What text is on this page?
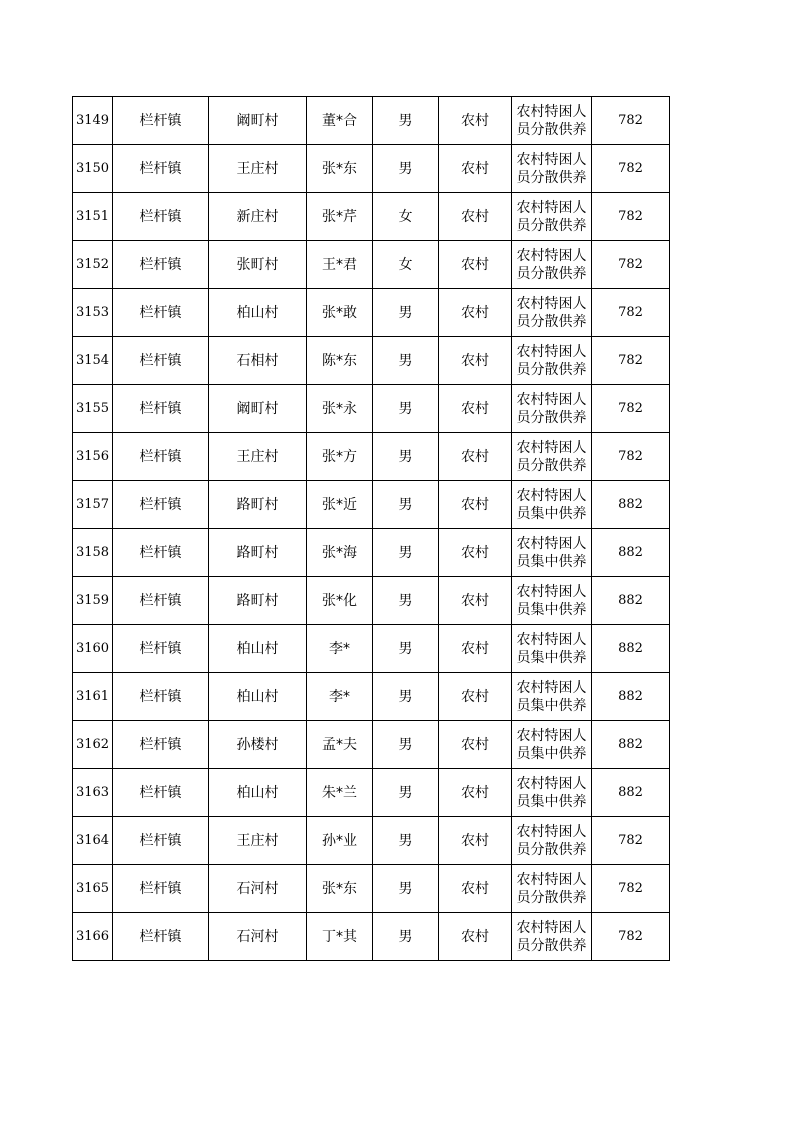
3149	栏杆镇	阚町村	董*合	男	农村	农村特困人员分散供养	782
3150	栏杆镇	王庄村	张*东	男	农村	农村特困人员分散供养	782
3151	栏杆镇	新庄村	张*芹	女	农村	农村特困人员分散供养	782
3152	栏杆镇	张町村	王*君	女	农村	农村特困人员分散供养	782
3153	栏杆镇	柏山村	张*敢	男	农村	农村特困人员分散供养	782
3154	栏杆镇	石相村	陈*东	男	农村	农村特困人员分散供养	782
3155	栏杆镇	阚町村	张*永	男	农村	农村特困人员分散供养	782
3156	栏杆镇	王庄村	张*方	男	农村	农村特困人员分散供养	782
3157	栏杆镇	路町村	张*近	男	农村	农村特困人员集中供养	882
3158	栏杆镇	路町村	张*海	男	农村	农村特困人员集中供养	882
3159	栏杆镇	路町村	张*化	男	农村	农村特困人员集中供养	882
3160	栏杆镇	柏山村	李*	男	农村	农村特困人员集中供养	882
3161	栏杆镇	柏山村	李*	男	农村	农村特困人员集中供养	882
3162	栏杆镇	孙楼村	孟*夫	男	农村	农村特困人员集中供养	882
3163	栏杆镇	柏山村	朱*兰	男	农村	农村特困人员集中供养	882
3164	栏杆镇	王庄村	孙*业	男	农村	农村特困人员分散供养	782
3165	栏杆镇	石河村	张*东	男	农村	农村特困人员分散供养	782
3166	栏杆镇	石河村	丁*其	男	农村	农村特困人员分散供养	782
